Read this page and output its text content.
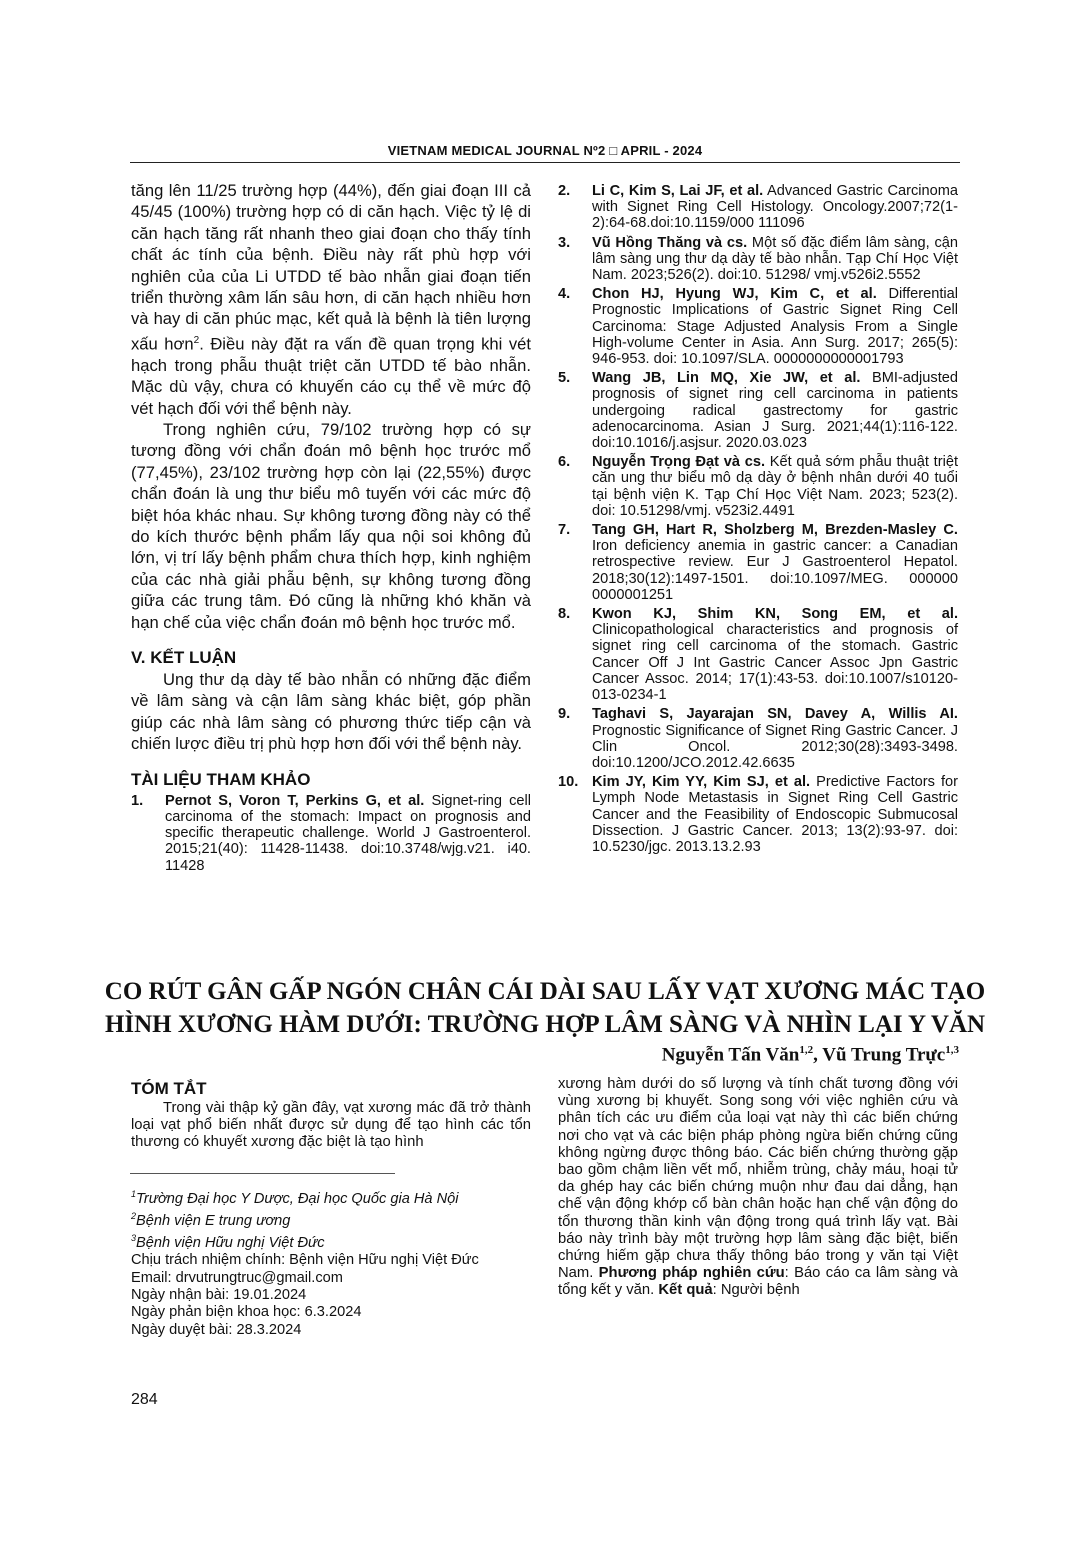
VIETNAM MEDICAL JOURNAL Nº2 □ APRIL - 2024

tăng lên 11/25 trường hợp (44%), đến giai đoạn III cả 45/45 (100%) trường hợp có di căn hạch. Việc tỷ lệ di căn hạch tăng rất nhanh theo giai đoạn cho thấy tính chất ác tính của bệnh. Điều này rất phù hợp với nghiên của của Li UTDD tế bào nhẫn giai đoạn tiến triển thường xâm lấn sâu hơn, di căn hạch nhiều hơn và hay di căn phúc mạc, kết quả là bệnh là tiên lượng xấu hơn$^2$. Điều này đặt ra vấn đề quan trọng khi vét hạch trong phẫu thuật triệt căn UTDD tế bào nhẫn. Mặc dù vậy, chưa có khuyến cáo cụ thể về mức độ vét hạch đối với thể bệnh này.

Trong nghiên cứu, 79/102 trường hợp có sự tương đồng với chẩn đoán mô bệnh học trước mổ (77,45%), 23/102 trường hợp còn lại (22,55%) được chẩn đoán là ung thư biểu mô tuyến với các mức độ biệt hóa khác nhau. Sự không tương đồng này có thể do kích thước bệnh phẩm lấy qua nội soi không đủ lớn, vị trí lấy bệnh phẩm chưa thích hợp, kinh nghiệm của các nhà giải phẫu bệnh, sự không tương đồng giữa các trung tâm. Đó cũng là những khó khăn và hạn chế của việc chẩn đoán mô bệnh học trước mổ.

V. KẾT LUẬN

Ung thư dạ dày tế bào nhẫn có những đặc điểm về lâm sàng và cận lâm sàng khác biệt, góp phần giúp các nhà lâm sàng có phương thức tiếp cận và chiến lược điều trị phù hợp hơn đối với thể bệnh này.

TÀI LIỆU THAM KHẢO
1.	Pernot S, Voron T, Perkins G, et al. Signet-ring cell carcinoma of the stomach: Impact on prognosis and specific therapeutic challenge. World J Gastroenterol. 2015;21(40): 11428-11438. doi:10.3748/wjg.v21. i40. 11428
2.	Li C, Kim S, Lai JF, et al. Advanced Gastric Carcinoma with Signet Ring Cell Histology. Oncology.2007;72(1-2):64-68.doi:10.1159/000 111096
3.	Vũ Hồng Thăng và cs. Một số đặc điểm lâm sàng, cận lâm sàng ung thư dạ dày tế bào nhẫn. Tạp Chí Học Việt Nam. 2023;526(2). doi:10. 51298/ vmj.v526i2.5552
4.	Chon HJ, Hyung WJ, Kim C, et al. Differential Prognostic Implications of Gastric Signet Ring Cell Carcinoma: Stage Adjusted Analysis From a Single High-volume Center in Asia. Ann Surg. 2017; 265(5): 946-953. doi: 10.1097/SLA. 0000000000001793
5.	Wang JB, Lin MQ, Xie JW, et al. BMI-adjusted prognosis of signet ring cell carcinoma in patients undergoing radical gastrectomy for gastric adenocarcinoma. Asian J Surg. 2021;44(1):116-122. doi:10.1016/j.asjsur. 2020.03.023
6.	Nguyễn Trọng Đạt và cs. Kết quả sớm phẫu thuật triệt căn ung thư biểu mô dạ dày ở bệnh nhân dưới 40 tuổi tại bệnh viện K. Tạp Chí Học Việt Nam. 2023; 523(2). doi: 10.51298/vmj. v523i2.4491
7.	Tang GH, Hart R, Sholzberg M, Brezden-Masley C. Iron deficiency anemia in gastric cancer: a Canadian retrospective review. Eur J Gastroenterol Hepatol. 2018;30(12):1497-1501. doi:10.1097/MEG. 000000 0000001251
8.	Kwon KJ, Shim KN, Song EM, et al. Clinicopathological characteristics and prognosis of signet ring cell carcinoma of the stomach. Gastric Cancer Off J Int Gastric Cancer Assoc Jpn Gastric Cancer Assoc. 2014; 17(1):43-53. doi:10.1007/s10120-013-0234-1
9.	Taghavi S, Jayarajan SN, Davey A, Willis AI. Prognostic Significance of Signet Ring Gastric Cancer. J Clin Oncol. 2012;30(28):3493-3498. doi:10.1200/JCO.2012.42.6635
10. Kim JY, Kim YY, Kim SJ, et al. Predictive Factors for Lymph Node Metastasis in Signet Ring Cell Gastric Cancer and the Feasibility of Endoscopic Submucosal Dissection. J Gastric Cancer. 2013; 13(2):93-97. doi: 10.5230/jgc. 2013.13.2.93
CO RÚT GÂN GẤP NGÓN CHÂN CÁI DÀI SAU LẤY VẠT XƯƠNG MÁC TẠO
HÌNH XƯƠNG HÀM DƯỚI: TRƯỜNG HỢP LÂM SÀNG VÀ NHÌN LẠI Y VĂN
Nguyễn Tấn Văn$^{1,2}$, Vũ Trung Trực$^{1,3}$
TÓM TẮT

Trong vài thập kỷ gần đây, vạt xương mác đã trở thành loại vạt phổ biến nhất được sử dụng để tạo hình các tổn thương có khuyết xương đặc biệt là tạo hình

xương hàm dưới do số lượng và tính chất tương đồng với vùng xương bị khuyết. Song song với việc nghiên cứu và phân tích các ưu điểm của loại vạt này thì các biến chứng nơi cho vạt và các biện pháp phòng ngừa biến chứng cũng không ngừng được thông báo. Các biến chứng thường gặp bao gồm chậm liền vết mổ, nhiễm trùng, chảy máu, hoại tử da ghép hay các biến chứng muộn như đau dai dẳng, hạn chế vận động khớp cổ bàn chân hoặc hạn chế vận động do tổn thương thần kinh vận động trong quá trình lấy vạt. Bài báo này trình bày một trường hợp lâm sàng đặc biệt, biến chứng hiếm gặp chưa thấy thông báo trong y văn tại Việt Nam. Phương pháp nghiên cứu: Báo cáo ca lâm sàng và tổng kết y văn. Kết quả: Người bệnh
$^1$Trường Đại học Y Dược, Đại học Quốc gia Hà Nội
$^2$Bệnh viện E trung ương
$^3$Bệnh viện Hữu nghị Việt Đức
Chịu trách nhiệm chính: Bệnh viện Hữu nghị Việt Đức
Email: drvutrungtruc@gmail.com
Ngày nhận bài: 19.01.2024
Ngày phản biện khoa học: 6.3.2024
Ngày duyệt bài: 28.3.2024
284
